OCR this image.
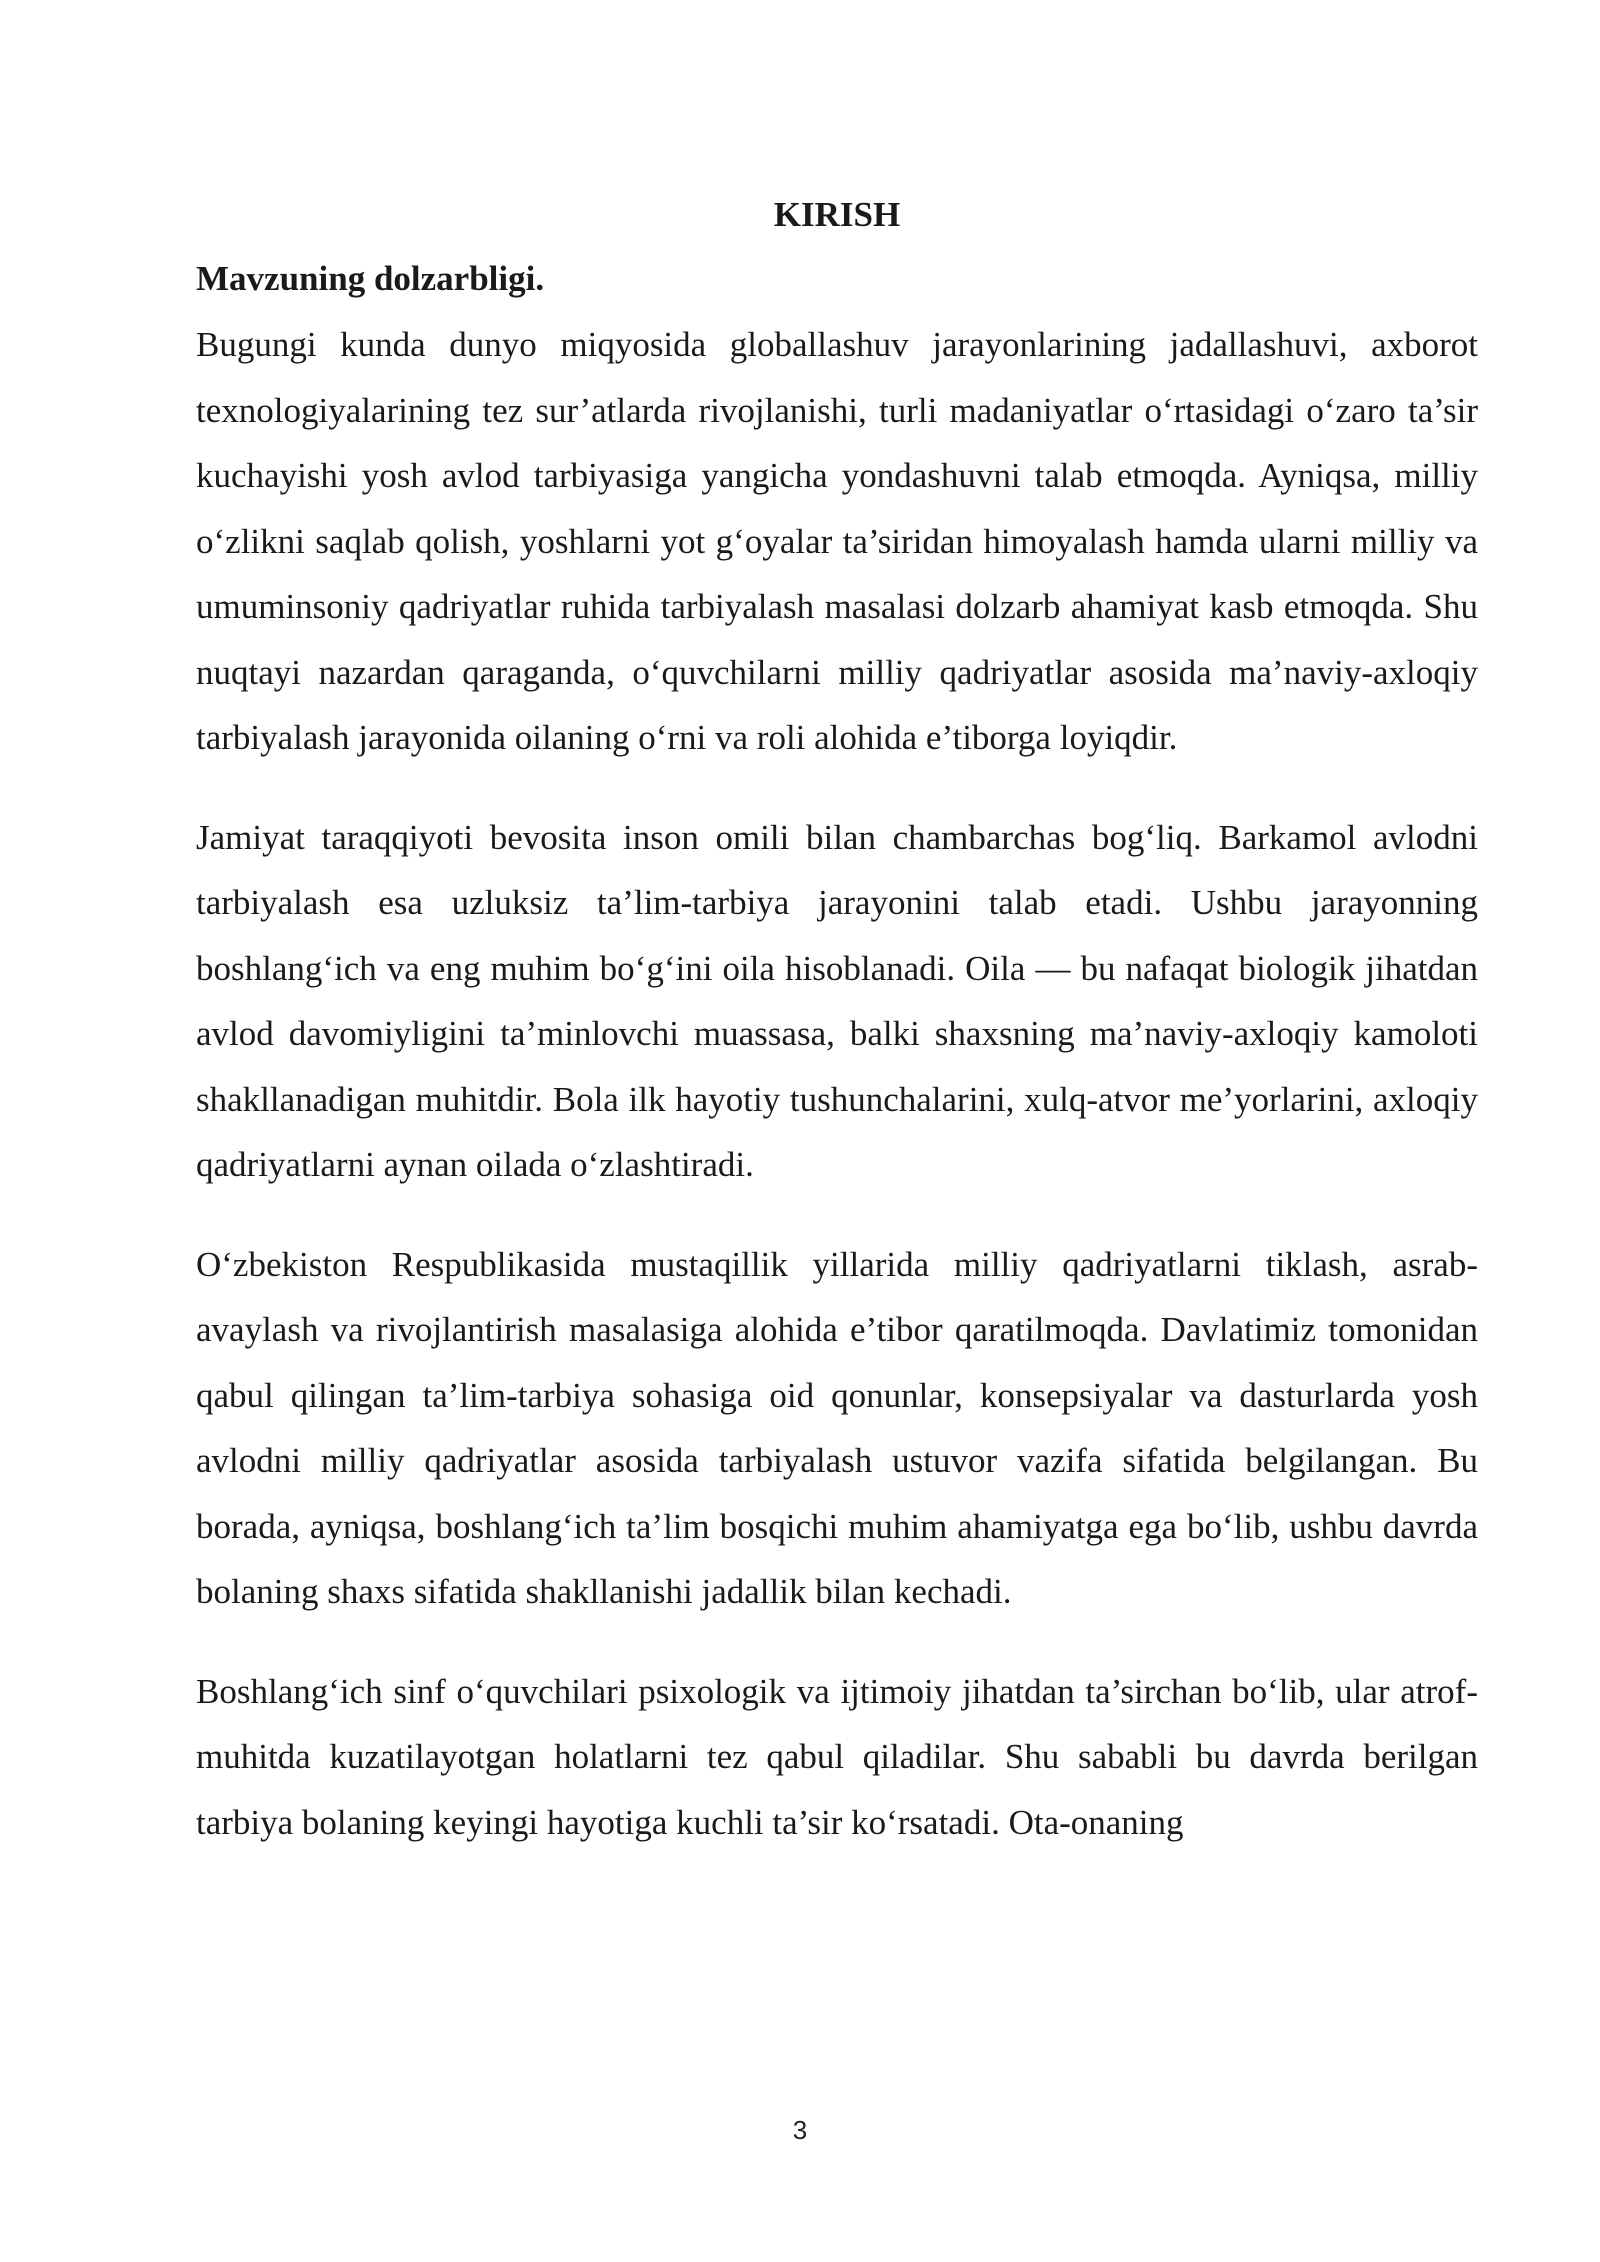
KIRISH
Mavzuning dolzarbligi.

Bugungi kunda dunyo miqyosida globallashuv jarayonlarining jadallashuvi, axborot texnologiyalarining tez sur’atlarda rivojlanishi, turli madaniyatlar oʻrtasidagi oʻzaro ta’sir kuchayishi yosh avlod tarbiyasiga yangicha yondashuvni talab etmoqda. Ayniqsa, milliy oʻzlikni saqlab qolish, yoshlarni yot gʻoyalar ta’siridan himoyalash hamda ularni milliy va umuminsoniy qadriyatlar ruhida tarbiyalash masalasi dolzarb ahamiyat kasb etmoqda. Shu nuqtayi nazardan qaraganda, oʻquvchilarni milliy qadriyatlar asosida ma’naviy-axloqiy tarbiyalash jarayonida oilaning oʻrni va roli alohida e’tiborga loyiqdir.

Jamiyat taraqqiyoti bevosita inson omili bilan chambarchas bogʻliq. Barkamol avlodni tarbiyalash esa uzluksiz ta’lim-tarbiya jarayonini talab etadi. Ushbu jarayonning boshlangʻich va eng muhim boʻgʻini oila hisoblanadi. Oila — bu nafaqat biologik jihatdan avlod davomiyligini ta’minlovchi muassasa, balki shaxsning ma’naviy-axloqiy kamoloti shakllanadigan muhitdir. Bola ilk hayotiy tushunchalarini, xulq-atvor me’yorlarini, axloqiy qadriyatlarni aynan oilada oʻzlashtiradi.

Oʻzbekiston Respublikasida mustaqillik yillarida milliy qadriyatlarni tiklash, asrab-avaylash va rivojlantirish masalasiga alohida e’tibor qaratilmoqda. Davlatimiz tomonidan qabul qilingan ta’lim-tarbiya sohasiga oid qonunlar, konsepsiyalar va dasturlarda yosh avlodni milliy qadriyatlar asosida tarbiyalash ustuvor vazifa sifatida belgilangan. Bu borada, ayniqsa, boshlangʻich ta’lim bosqichi muhim ahamiyatga ega boʻlib, ushbu davrda bolaning shaxs sifatida shakllanishi jadallik bilan kechadi.

Boshlangʻich sinf oʻquvchilari psixologik va ijtimoiy jihatdan ta’sirchan boʻlib, ular atrof-muhitda kuzatilayotgan holatlarni tez qabul qiladilar. Shu sababli bu davrda berilgan tarbiya bolaning keyingi hayotiga kuchli ta’sir koʻrsatadi. Ota-onaning

3
